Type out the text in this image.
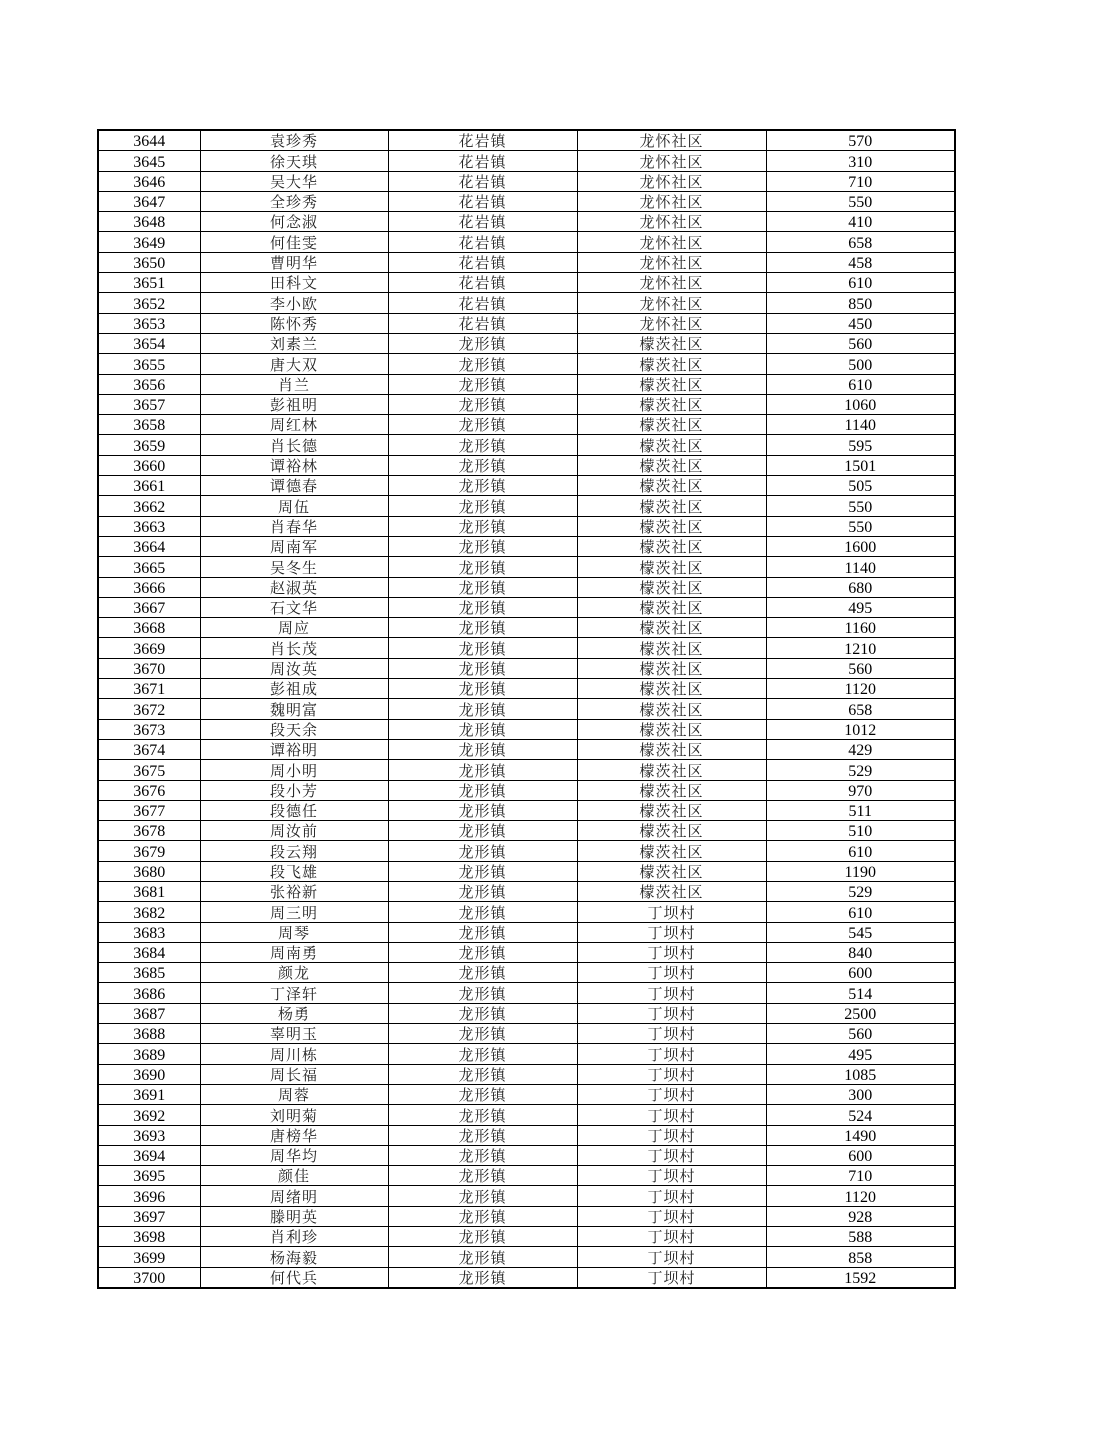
3644	袁珍秀	花岩镇	龙怀社区	570
3645	徐天琪	花岩镇	龙怀社区	310
3646	吴大华	花岩镇	龙怀社区	710
3647	全珍秀	花岩镇	龙怀社区	550
3648	何念淑	花岩镇	龙怀社区	410
3649	何佳雯	花岩镇	龙怀社区	658
3650	曹明华	花岩镇	龙怀社区	458
3651	田科文	花岩镇	龙怀社区	610
3652	李小欧	花岩镇	龙怀社区	850
3653	陈怀秀	花岩镇	龙怀社区	450
3654	刘素兰	龙形镇	檬茨社区	560
3655	唐大双	龙形镇	檬茨社区	500
3656	肖兰	龙形镇	檬茨社区	610
3657	彭祖明	龙形镇	檬茨社区	1060
3658	周红林	龙形镇	檬茨社区	1140
3659	肖长德	龙形镇	檬茨社区	595
3660	谭裕林	龙形镇	檬茨社区	1501
3661	谭德春	龙形镇	檬茨社区	505
3662	周伍	龙形镇	檬茨社区	550
3663	肖春华	龙形镇	檬茨社区	550
3664	周南军	龙形镇	檬茨社区	1600
3665	吴冬生	龙形镇	檬茨社区	1140
3666	赵淑英	龙形镇	檬茨社区	680
3667	石文华	龙形镇	檬茨社区	495
3668	周应	龙形镇	檬茨社区	1160
3669	肖长茂	龙形镇	檬茨社区	1210
3670	周汝英	龙形镇	檬茨社区	560
3671	彭祖成	龙形镇	檬茨社区	1120
3672	魏明富	龙形镇	檬茨社区	658
3673	段天余	龙形镇	檬茨社区	1012
3674	谭裕明	龙形镇	檬茨社区	429
3675	周小明	龙形镇	檬茨社区	529
3676	段小芳	龙形镇	檬茨社区	970
3677	段德任	龙形镇	檬茨社区	511
3678	周汝前	龙形镇	檬茨社区	510
3679	段云翔	龙形镇	檬茨社区	610
3680	段飞雄	龙形镇	檬茨社区	1190
3681	张裕新	龙形镇	檬茨社区	529
3682	周三明	龙形镇	丁坝村	610
3683	周琴	龙形镇	丁坝村	545
3684	周南勇	龙形镇	丁坝村	840
3685	颜龙	龙形镇	丁坝村	600
3686	丁泽轩	龙形镇	丁坝村	514
3687	杨勇	龙形镇	丁坝村	2500
3688	辜明玉	龙形镇	丁坝村	560
3689	周川栋	龙形镇	丁坝村	495
3690	周长福	龙形镇	丁坝村	1085
3691	周蓉	龙形镇	丁坝村	300
3692	刘明菊	龙形镇	丁坝村	524
3693	唐榜华	龙形镇	丁坝村	1490
3694	周华均	龙形镇	丁坝村	600
3695	颜佳	龙形镇	丁坝村	710
3696	周绪明	龙形镇	丁坝村	1120
3697	滕明英	龙形镇	丁坝村	928
3698	肖利珍	龙形镇	丁坝村	588
3699	杨海毅	龙形镇	丁坝村	858
3700	何代兵	龙形镇	丁坝村	1592
